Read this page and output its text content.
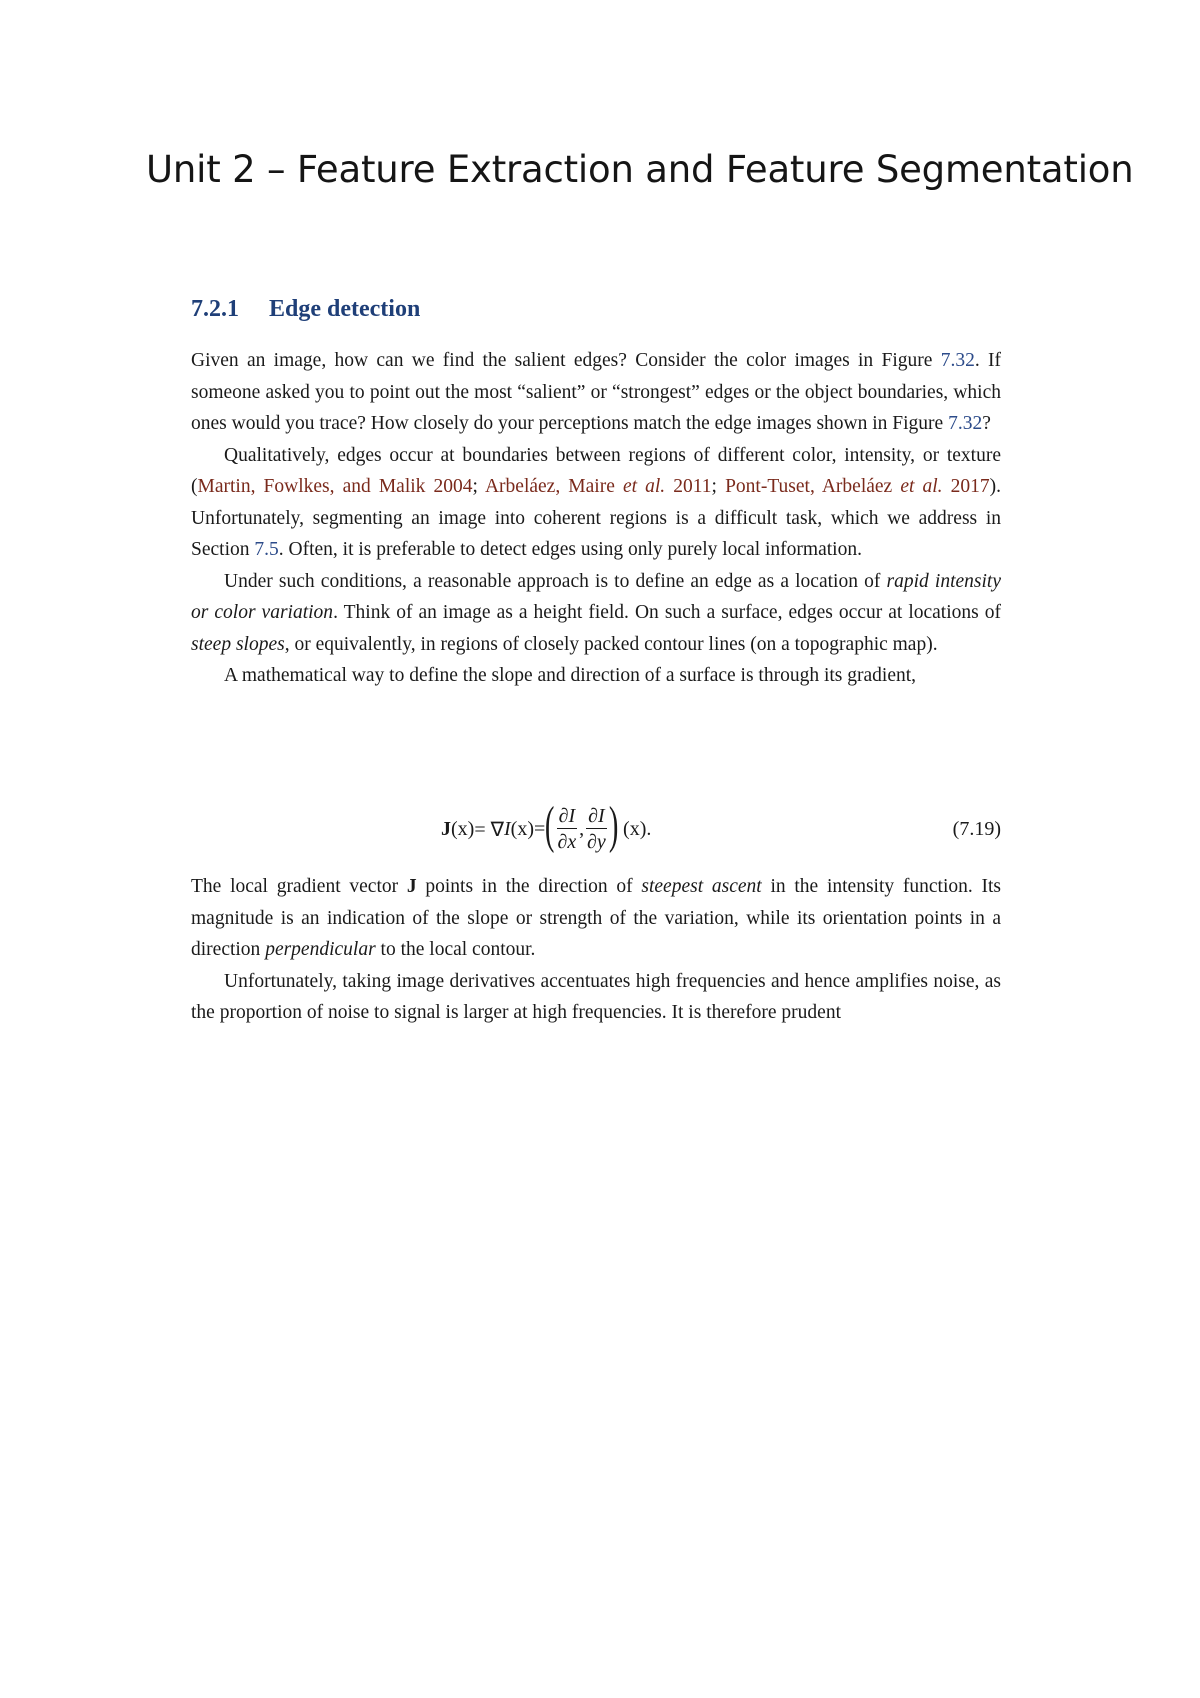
Unit 2 – Feature Extraction and Feature Segmentation
7.2.1 Edge detection

Given an image, how can we find the salient edges? Consider the color images in Figure 7.32. If someone asked you to point out the most “salient” or “strongest” edges or the object boundaries, which ones would you trace? How closely do your perceptions match the edge images shown in Figure 7.32?

Qualitatively, edges occur at boundaries between regions of different color, intensity, or texture (Martin, Fowlkes, and Malik 2004; Arbeláez, Maire et al. 2011; Pont-Tuset, Arbeláez et al. 2017). Unfortunately, segmenting an image into coherent regions is a difficult task, which we address in Section 7.5. Often, it is preferable to detect edges using only purely local information.

Under such conditions, a reasonable approach is to define an edge as a location of rapid intensity or color variation. Think of an image as a height field. On such a surface, edges occur at locations of steep slopes, or equivalently, in regions of closely packed contour lines (on a topographic map).

A mathematical way to define the slope and direction of a surface is through its gradient,

J (x) = ∇ I (x) = ( $\frac{\partial I}{\partial x}$ , $\frac{\partial I}{\partial y}$ )
(x).	(7.19)

The local gradient vector J points in the direction of steepest ascent in the intensity function. Its magnitude is an indication of the slope or strength of the variation, while its orientation points in a direction perpendicular to the local contour.

Unfortunately, taking image derivatives accentuates high frequencies and hence amplifies noise, as the proportion of noise to signal is larger at high frequencies. It is therefore prudent
